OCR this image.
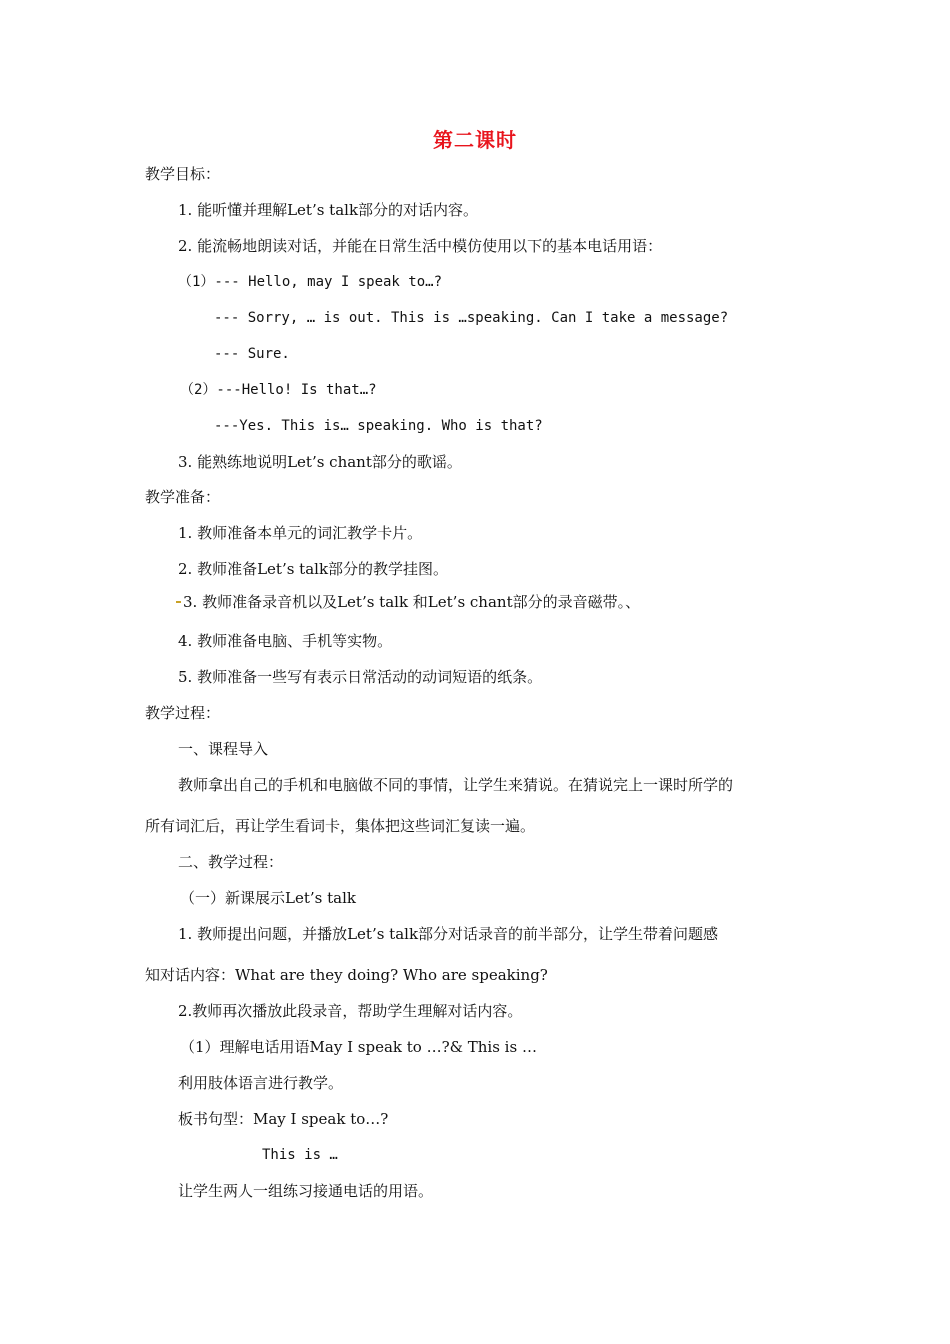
第二课时
教学目标：
1. 能听懂并理解Let’s talk部分的对话内容。
2. 能流畅地朗读对话，并能在日常生活中模仿使用以下的基本电话用语：
（1）--- Hello, may I speak to…?
--- Sorry, … is out. This is …speaking. Can I take a message?
--- Sure.
（2）---Hello! Is that…?
---Yes. This is… speaking. Who is that?
3. 能熟练地说明Let’s chant部分的歌谣。
教学准备：
1. 教师准备本单元的词汇教学卡片。
2. 教师准备Let’s talk部分的教学挂图。
3. 教师准备录音机以及Let’s talk 和Let’s chant部分的录音磁带。、
4. 教师准备电脑、手机等实物。
5. 教师准备一些写有表示日常活动的动词短语的纸条。
教学过程：
一、课程导入
教师拿出自己的手机和电脑做不同的事情，让学生来猜说。在猜说完上一课时所学的
所有词汇后，再让学生看词卡，集体把这些词汇复读一遍。
二、教学过程：
（一）新课展示Let’s talk
1. 教师提出问题，并播放Let’s talk部分对话录音的前半部分，让学生带着问题感
知对话内容：What are they doing? Who are speaking?
2.教师再次播放此段录音，帮助学生理解对话内容。
（1）理解电话用语May I speak to …?& This is …
利用肢体语言进行教学。
板书句型：May I speak to…?
This is …
让学生两人一组练习接通电话的用语。
